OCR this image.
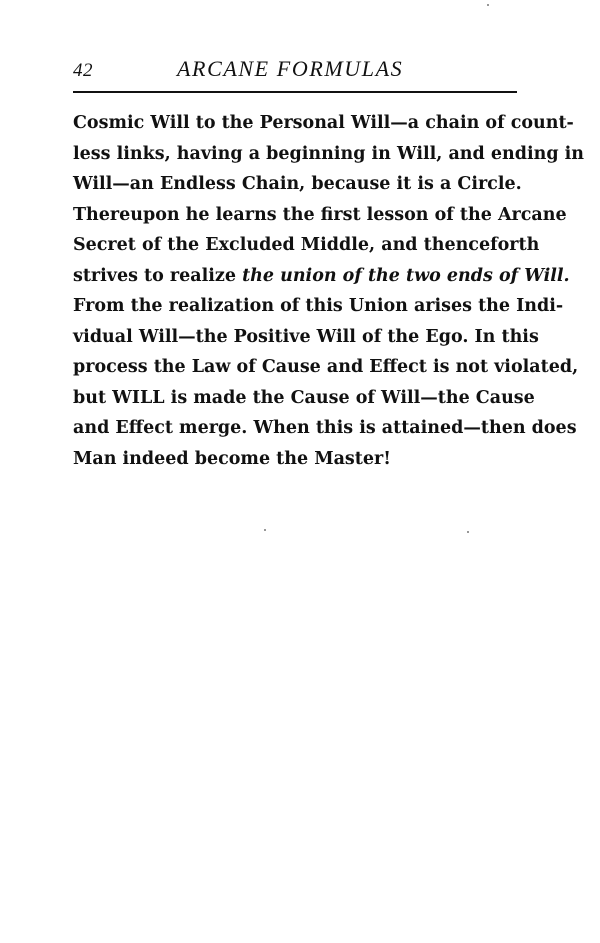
42	ARCANE FORMULAS
Cosmic Will to the Personal Will—a chain of count-
less links, having a beginning in Will, and ending in
Will—an Endless Chain, because it is a Circle.
Thereupon he learns the first lesson of the Arcane
Secret of the Excluded Middle, and thenceforth
strives to realize the union of the two ends of Will.
From the realization of this Union arises the Indi-
vidual Will—the Positive Will of the Ego. In this
process the Law of Cause and Effect is not violated,
but WILL is made the Cause of Will—the Cause
and Effect merge. When this is attained—then does
Man indeed become the Master!
